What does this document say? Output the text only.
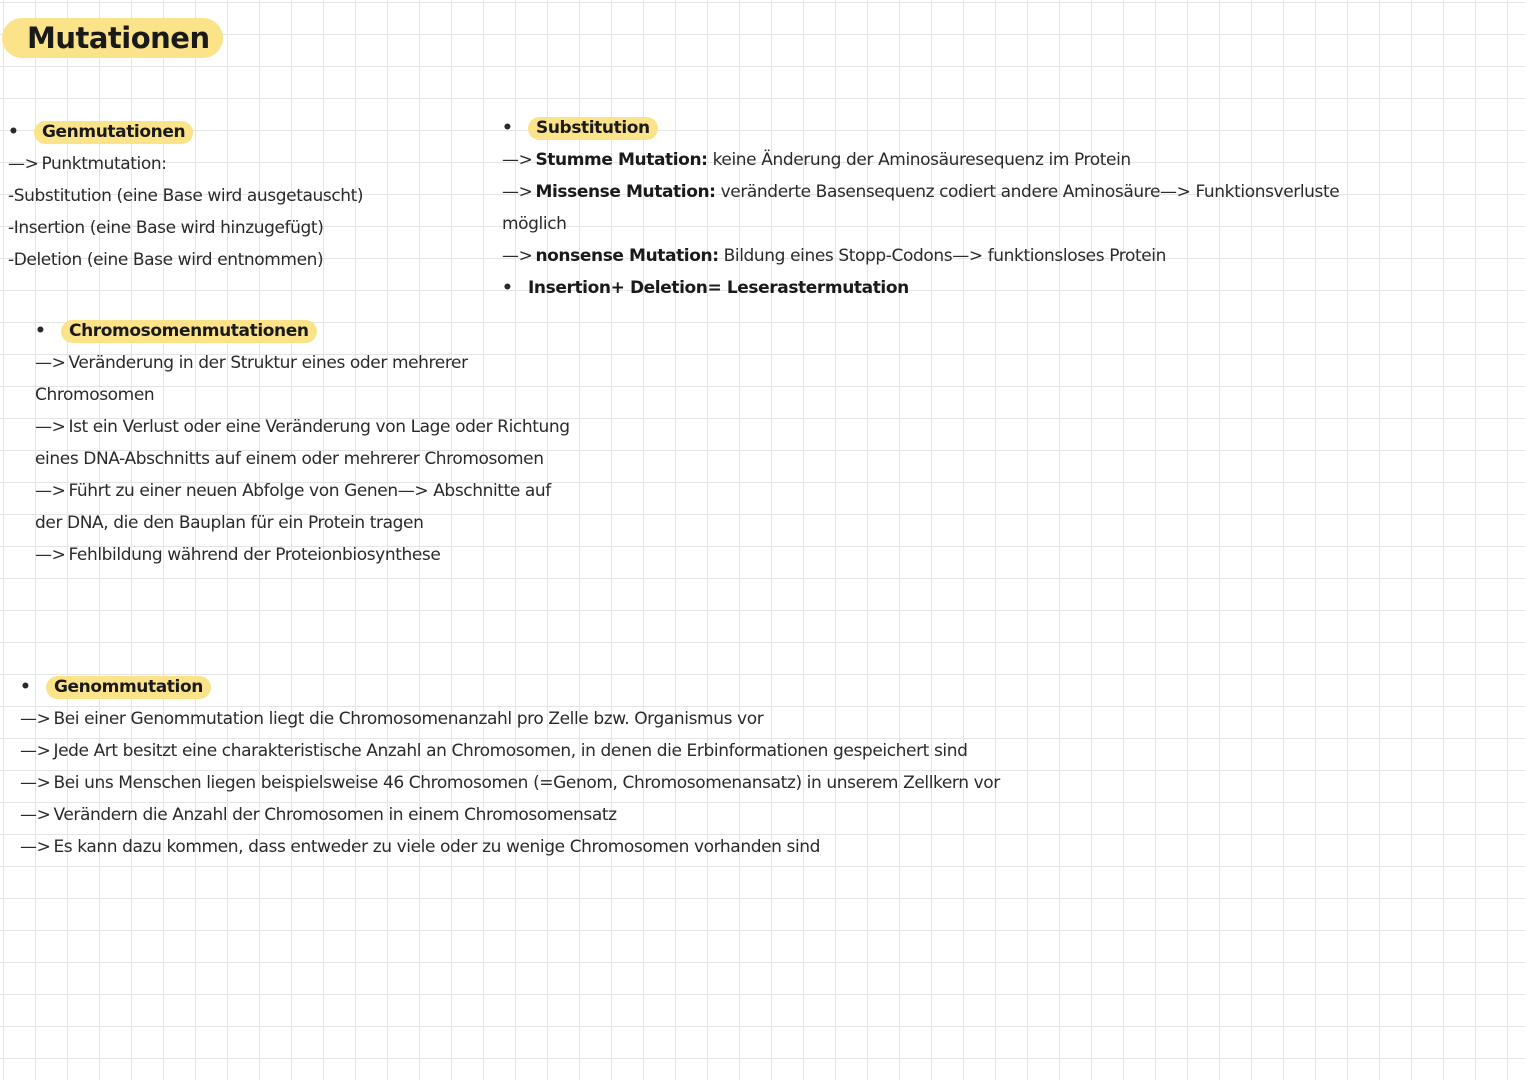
Mutationen
• Genmutationen
—> Punktmutation:
-Substitution (eine Base wird ausgetauscht)
-Insertion (eine Base wird hinzugefügt)
-Deletion (eine Base wird entnommen)
• Substitution
—> Stumme Mutation: keine Änderung der Aminosäuresequenz im Protein
—> Missense Mutation: veränderte Basensequenz codiert andere Aminosäure—> Funktionsverluste
möglich
—> nonsense Mutation: Bildung eines Stopp-Codons—> funktionsloses Protein
• Insertion+ Deletion= Leserastermutation
• Chromosomenmutationen
—> Veränderung in der Struktur eines oder mehrerer
Chromosomen
—> Ist ein Verlust oder eine Veränderung von Lage oder Richtung
eines DNA-Abschnitts auf einem oder mehrerer Chromosomen
—> Führt zu einer neuen Abfolge von Genen—> Abschnitte auf
der DNA, die den Bauplan für ein Protein tragen
—> Fehlbildung während der Proteionbiosynthese
• Genommutation
—> Bei einer Genommutation liegt die Chromosomenanzahl pro Zelle bzw. Organismus vor
—> Jede Art besitzt eine charakteristische Anzahl an Chromosomen, in denen die Erbinformationen gespeichert sind
—> Bei uns Menschen liegen beispielsweise 46 Chromosomen (=Genom, Chromosomenansatz) in unserem Zellkern vor
—> Verändern die Anzahl der Chromosomen in einem Chromosomensatz
—> Es kann dazu kommen, dass entweder zu viele oder zu wenige Chromosomen vorhanden sind
